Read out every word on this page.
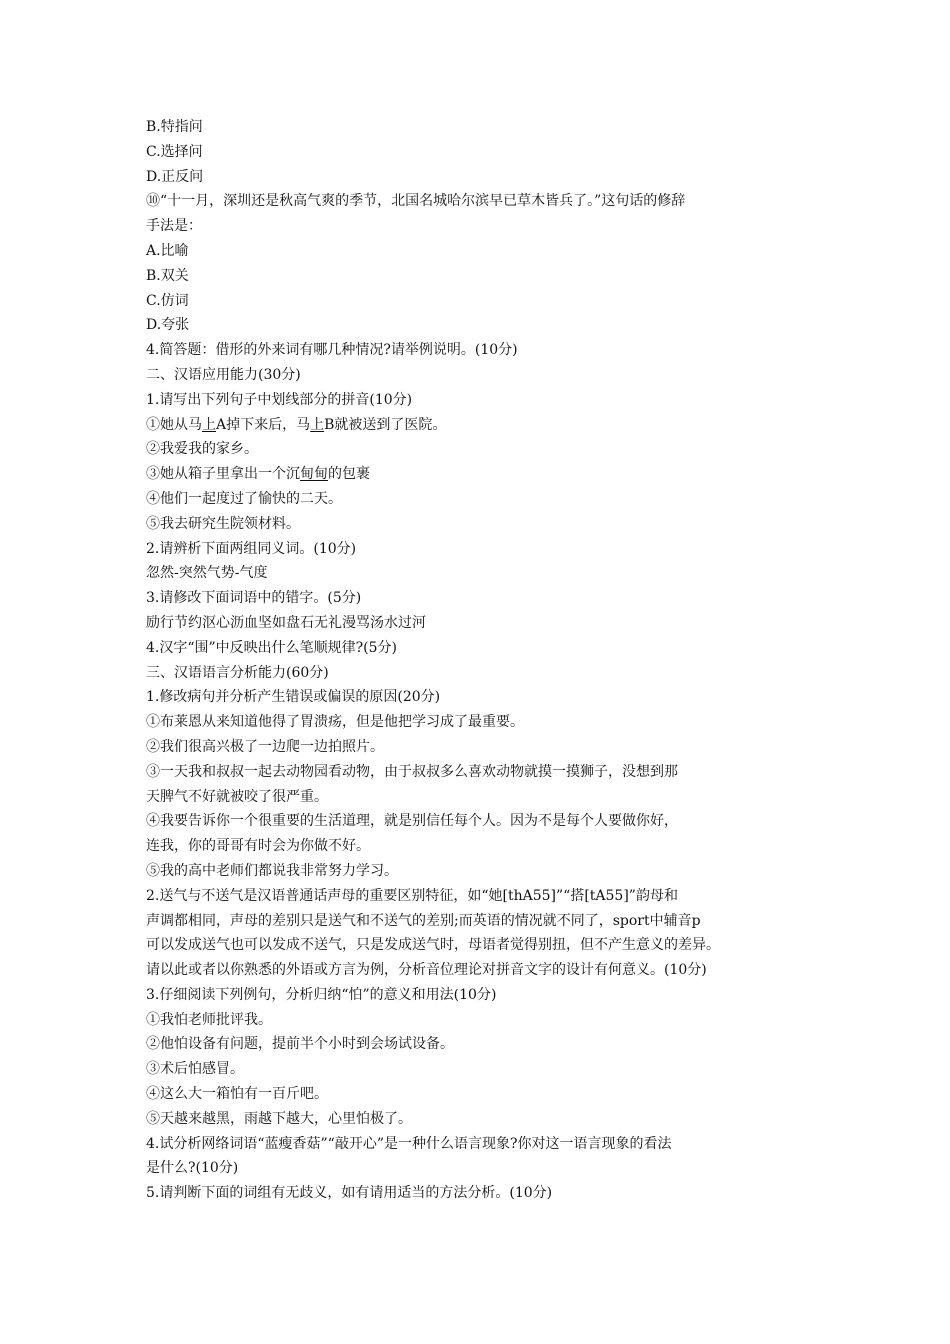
B.特指问
C.选择问
D.正反问
⑩“十一月，深圳还是秋高气爽的季节，北国名城哈尔滨早已草木皆兵了。”这句话的修辞
手法是：
A.比喻
B.双关
C.仿词
D.夸张
4.简答题：借形的外来词有哪几种情况?请举例说明。(10分)
二、汉语应用能力(30分)
1.请写出下列句子中划线部分的拼音(10分)
①她从马上A掉下来后，马上B就被送到了医院。
②我爱我的家乡。
③她从箱子里拿出一个沉甸甸的包裹
④他们一起度过了愉快的二天。
⑤我去研究生院领材料。
2.请辨析下面两组同义词。(10分)
忽然-突然气势-气度
3.请修改下面词语中的错字。(5分)
励行节约沤心沥血坚如盘石无礼漫骂汤水过河
4.汉字“围”中反映出什么笔顺规律?(5分)
三、汉语语言分析能力(60分)
1.修改病句并分析产生错误或偏误的原因(20分)
①布莱恩从来知道他得了胃溃疡，但是他把学习成了最重要。
②我们很高兴极了一边爬一边拍照片。
③一天我和叔叔一起去动物园看动物，由于叔叔多么喜欢动物就摸一摸狮子，没想到那
天脾气不好就被咬了很严重。
④我要告诉你一个很重要的生活道理，就是别信任每个人。因为不是每个人要做你好，
连我，你的哥哥有时会为你做不好。
⑤我的高中老师们都说我非常努力学习。
2.送气与不送气是汉语普通话声母的重要区别特征，如“她[thA55]”“搭[tA55]”韵母和
声调都相同，声母的差别只是送气和不送气的差别;而英语的情况就不同了，sport中辅音p
可以发成送气也可以发成不送气，只是发成送气时，母语者觉得别扭，但不产生意义的差异。
请以此或者以你熟悉的外语或方言为例，分析音位理论对拼音文字的设计有何意义。(10分)
3.仔细阅读下列例句，分析归纳“怕”的意义和用法(10分)
①我怕老师批评我。
②他怕设备有问题，提前半个小时到会场试设备。
③术后怕感冒。
④这么大一箱怕有一百斤吧。
⑤天越来越黑，雨越下越大，心里怕极了。
4.试分析网络词语“蓝瘦香菇”“敲开心”是一种什么语言现象?你对这一语言现象的看法
是什么?(10分)
5.请判断下面的词组有无歧义，如有请用适当的方法分析。(10分)
